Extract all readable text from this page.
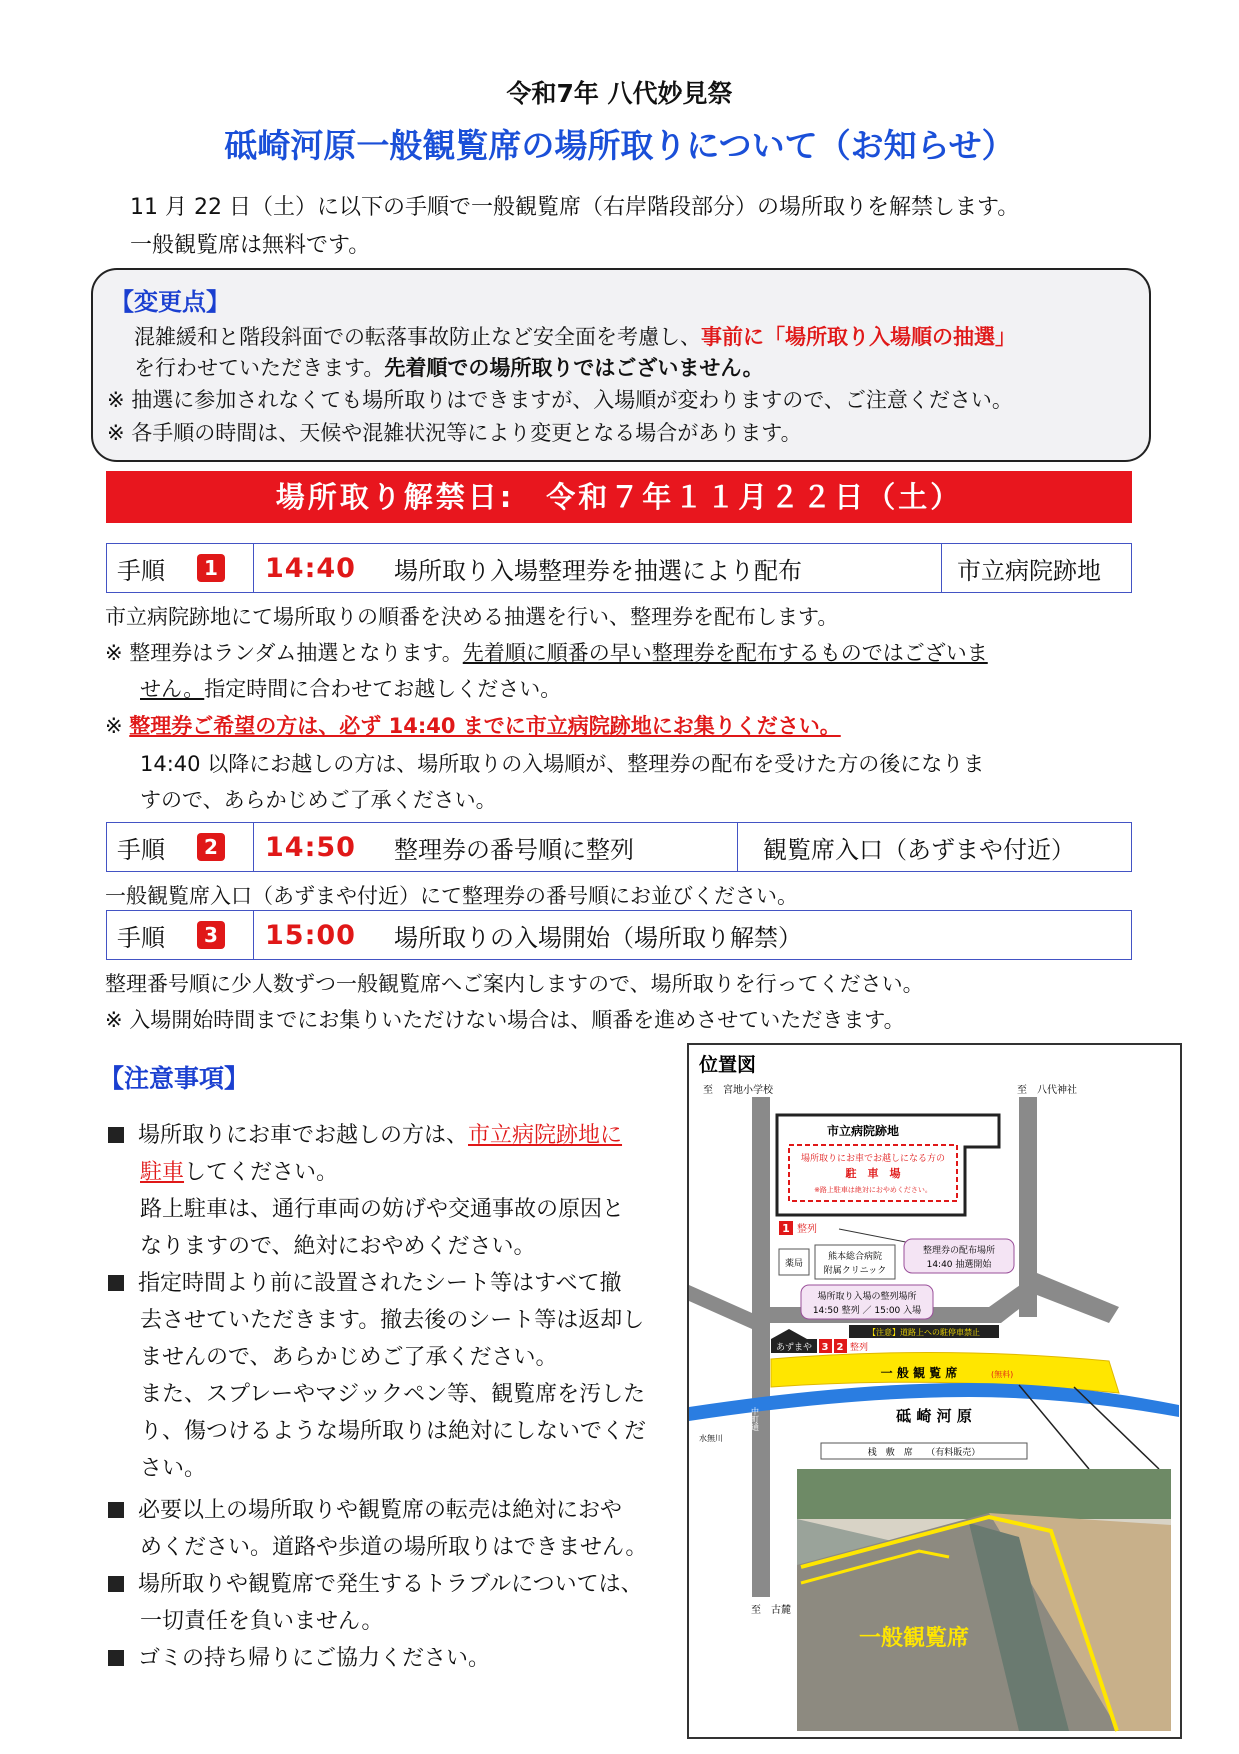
令和7年 八代妙見祭
砥崎河原一般観覧席の場所取りについて（お知らせ）
11 月 22 日（土）に以下の手順で一般観覧席（右岸階段部分）の場所取りを解禁します。
一般観覧席は無料です。
【変更点】
混雑緩和と階段斜面での転落事故防止など安全面を考慮し、事前に「場所取り入場順の抽選」
を行わせていただきます。先着順での場所取りではございません。
※ 抽選に参加されなくても場所取りはできますが、入場順が変わりますので、ご注意ください。
※ 各手順の時間は、天候や混雑状況等により変更となる場合があります。
場所取り解禁日:　令和７年１１月２２日（土）
手順	1 14:40 場所取り入場整理券を抽選により配布	市立病院跡地
市立病院跡地にて場所取りの順番を決める抽選を行い、整理券を配布します。
※ 整理券はランダム抽選となります。先着順に順番の早い整理券を配布するものではございま
せん。指定時間に合わせてお越しください。
※ 整理券ご希望の方は、必ず 14:40 までに市立病院跡地にお集りください。
14:40 以降にお越しの方は、場所取りの入場順が、整理券の配布を受けた方の後になりま
すので、あらかじめご了承ください。
手順	2 14:50 整理券の番号順に整列	観覧席入口（あずまや付近）
一般観覧席入口（あずまや付近）にて整理券の番号順にお並びください。
手順	3 15:00 場所取りの入場開始（場所取り解禁）
整理番号順に少人数ずつ一般観覧席へご案内しますので、場所取りを行ってください。
※ 入場開始時間までにお集りいただけない場合は、順番を進めさせていただきます。
【注意事項】
場所取りにお車でお越しの方は、市立病院跡地に
駐車してください。
路上駐車は、通行車両の妨げや交通事故の原因と
なりますので、絶対におやめください。
指定時間より前に設置されたシート等はすべて撤
去させていただきます。撤去後のシート等は返却し
ませんので、あらかじめご了承ください。
また、スプレーやマジックペン等、観覧席を汚した
り、傷つけるような場所取りは絶対にしないでくだ
さい。
必要以上の場所取りや観覧席の転売は絶対におや
めください。道路や歩道の場所取りはできません。
場所取りや観覧席で発生するトラブルについては、
一切責任を負いません。
ゴミの持ち帰りにご協力ください。
位置図
至　宮地小学校	至　八代神社
市立病院跡地
場所取りにお車でお越しになる方の
駐　車　場
※路上駐車は絶対におやめください。
1 整列
整理券の配布場所
14:40 抽選開始
薬局
熊本総合病院
附属クリニック
場所取り入場の整列場所
14:50 整列 ／ 15:00 入場
あずまや 3 2 整列
【注意】道路上への駐停車禁止
一 般 観 覧 席	(無料)
砥 崎 河 原
中町通
水無川
桟　敷　席　　（有料販売）
至　古麓
一般観覧席
